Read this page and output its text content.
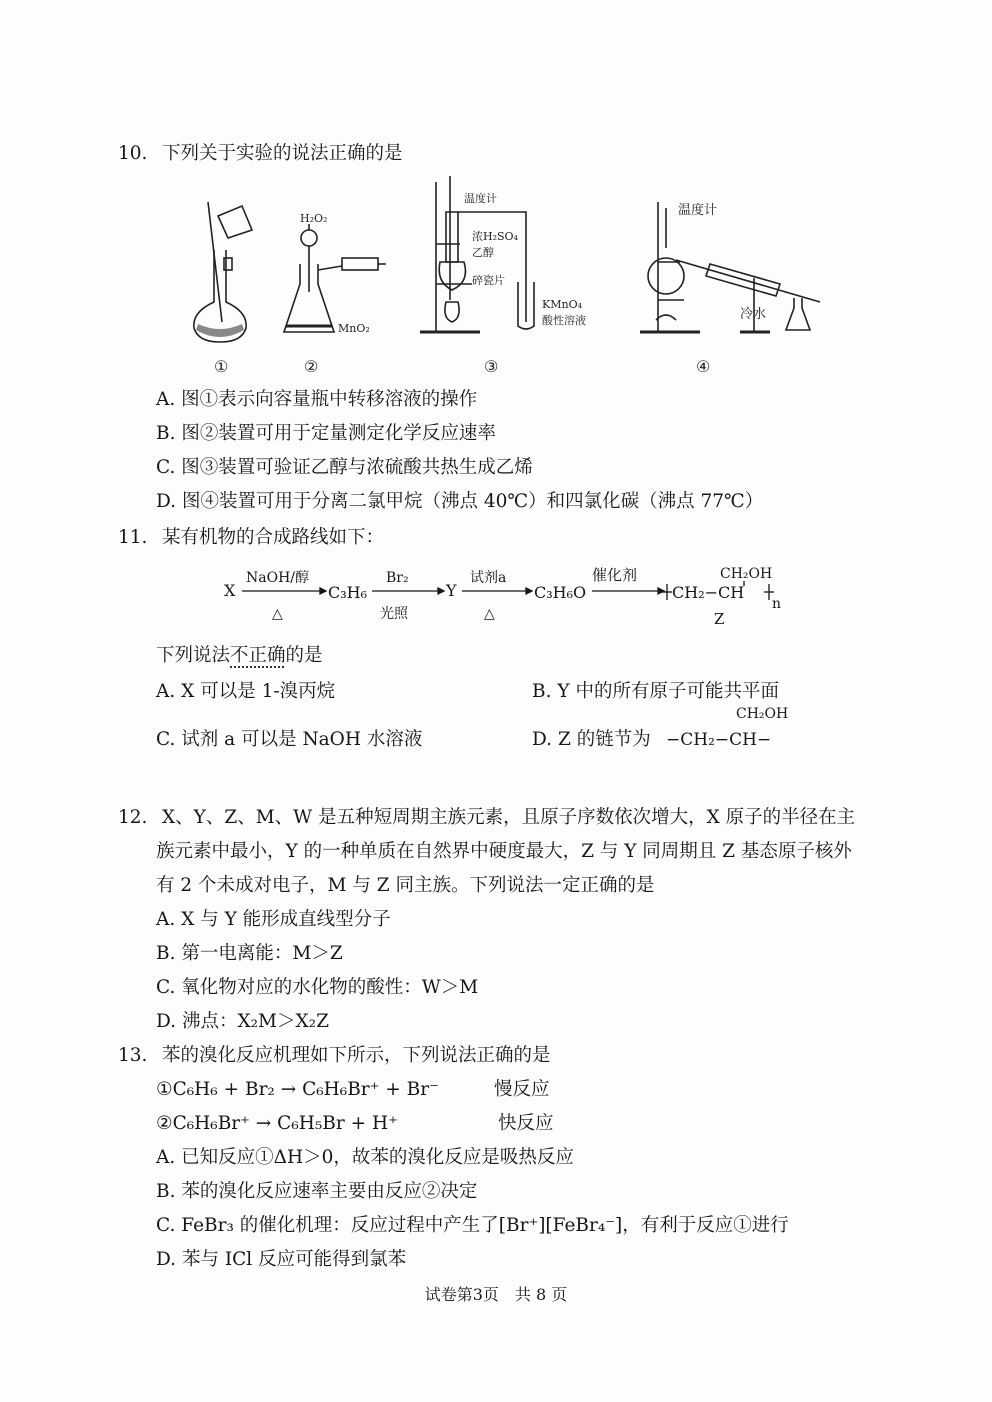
10. 下列关于实验的说法正确的是
H₂O₂
MnO₂
温度计
浓H₂SO₄
乙醇
碎瓷片
KMnO₄
酸性溶液
温度计
冷水
①	②	③	④
A. 图①表示向容量瓶中转移溶液的操作
B. 图②装置可用于定量测定化学反应速率
C. 图③装置可验证乙醇与浓硫酸共热生成乙烯
D. 图④装置可用于分离二氯甲烷（沸点 40℃）和四氯化碳（沸点 77℃）
11. 某有机物的合成路线如下：
X
NaOH/醇
△
C₃H₆
Br₂
光照
Y
试剂a
△
C₃H₆O
催化剂	CH₂OH
CH₂−CH
n
Z
下列说法不正确的是
A. X 可以是 1-溴丙烷	B. Y 中的所有原子可能共平面
C. 试剂 a 可以是 NaOH 水溶液	D. Z 的链节为
CH₂OH
−CH₂−CH−
12. X、Y、Z、M、W 是五种短周期主族元素，且原子序数依次增大，X 原子的半径在主
族元素中最小，Y 的一种单质在自然界中硬度最大，Z 与 Y 同周期且 Z 基态原子核外
有 2 个未成对电子，M 与 Z 同主族。下列说法一定正确的是
A. X 与 Y 能形成直线型分子
B. 第一电离能：M＞Z
C. 氧化物对应的水化物的酸性：W＞M
D. 沸点：X₂M＞X₂Z
13. 苯的溴化反应机理如下所示，下列说法正确的是
①C₆H₆ + Br₂ → C₆H₆Br⁺ + Br⁻	慢反应
②C₆H₆Br⁺ → C₆H₅Br + H⁺	快反应
A. 已知反应①ΔH＞0，故苯的溴化反应是吸热反应
B. 苯的溴化反应速率主要由反应②决定
C. FeBr₃ 的催化机理：反应过程中产生了[Br⁺][FeBr₄⁻]，有利于反应①进行
D. 苯与 ICl 反应可能得到氯苯
试卷第3页　共 8 页
